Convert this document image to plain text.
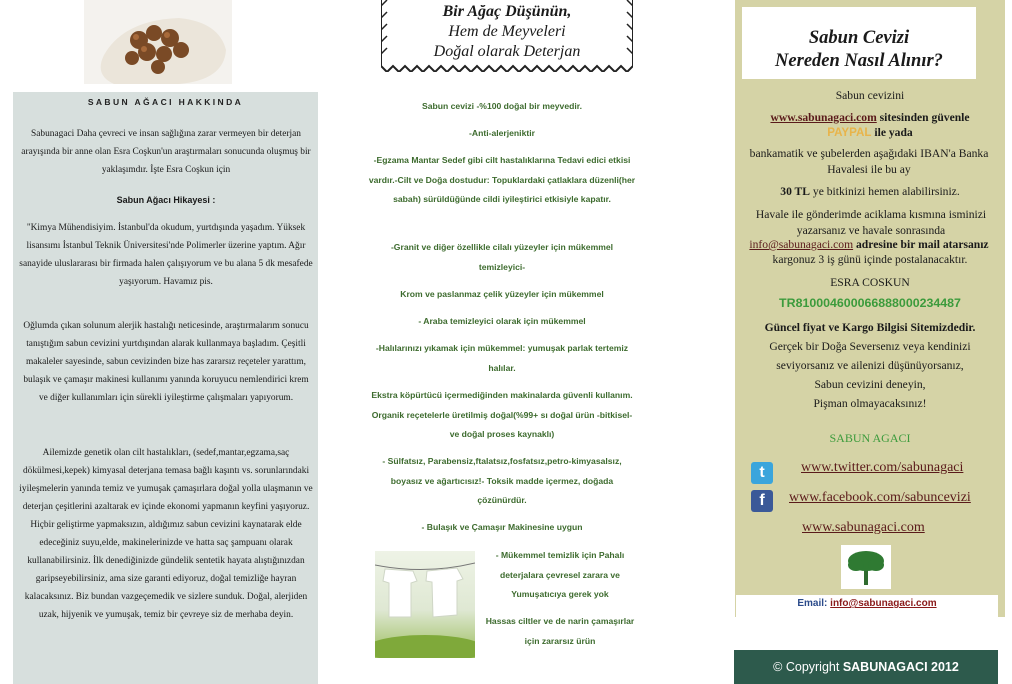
SABUN AĞACI HAKKINDA

Sabunagaci Daha çevreci ve insan sağlığına zarar vermeyen bir deterjan arayışında bir anne olan Esra Coşkun'un araştırmaları sonucunda oluşmuş bir yaklaşımdır. İşte Esra Coşkun için

Sabun Ağacı Hikayesi :

"Kimya Mühendisiyim. İstanbul'da okudum, yurtdışında yaşadım. Yüksek lisansımı İstanbul Teknik Üniversitesi'nde Polimerler üzerine yaptım. Ağır sanayide uluslararası bir firmada halen çalışıyorum ve bu alana 5 dk mesafede yaşıyorum. Havamız pis.

Oğlumda çıkan solunum alerjik hastalığı neticesinde, araştırmalarım sonucu tanıştığım sabun cevizini yurtdışından alarak kullanmaya başladım. Çeşitli makaleler sayesinde, sabun cevizinden bize has zararsız reçeteler yarattım, bulaşık ve çamaşır makinesi kullanımı yanında koruyucu nemlendirici krem ve diğer kullanımları için sürekli iyileştirme çalışmaları yapıyorum.

Ailemizde genetik olan cilt hastalıkları, (sedef,mantar,egzama,saç dökülmesi,kepek) kimyasal deterjana temasa bağlı kaşıntı vs. sorunlarındaki iyileşmelerin yanında temiz ve yumuşak çamaşırlara doğal yolla ulaşmanın ve deterjan çeşitlerini azaltarak ev içinde ekonomi yapmanın keyfini yaşıyoruz. Hiçbir geliştirme yapmaksızın, aldığımız sabun cevizini kaynatarak elde edeceğiniz suyu,elde, makinelerinizde ve hatta saç şampuanı olarak kullanabilirsiniz. İlk denediğinizde gündelik sentetik hayata alıştığınızdan garipseyebilirsiniz, ama size garanti ediyoruz, doğal temizliğe hayran kalacaksınız. Biz bundan vazgeçemedik ve sizlere sunduk. Doğal, alerjiden uzak, hijyenik ve yumuşak, temiz bir çevreye siz de merhaba deyin.

Bir Ağaç Düşünün,
Hem de Meyveleri
Doğal olarak Deterjan

Sabun cevizi -%100 doğal bir meyvedir.

-Anti-alerjeniktir

-Egzama Mantar Sedef gibi cilt hastalıklarına Tedavi edici etkisi vardır.-Cilt ve Doğa dostudur: Topuklardaki çatlaklara düzenli(her sabah) sürüldüğünde cildi iyileştirici etkisiyle kapatır.

-Granit ve diğer özellikle cilalı yüzeyler için mükemmel temizleyici-

Krom ve paslanmaz çelik yüzeyler için mükemmel

- Araba temizleyici olarak için mükemmel

-Halılarınızı yıkamak için mükemmel: yumuşak parlak tertemiz halılar.

Ekstra köpürtücü içermediğinden makinalarda güvenli kullanım. Organik reçetelerle üretilmiş doğal(%99+ sı doğal ürün -bitkisel- ve doğal proses kaynaklı)

- Sülfatsız, Parabensiz,ftalatsız,fosfatsız,petro-kimyasalsız, boyasız ve ağartıcısız!- Toksik madde içermez, doğada çözünürdür.

- Bulaşık ve Çamaşır Makinesine uygun

- Mükemmel temizlik için Pahalı deterjalara çevresel zarara ve Yumuşatıcıya gerek yok

Hassas ciltler ve de narin çamaşırlar için zararsız ürün

Sabun Cevizi
Nereden Nasıl Alınır?

Sabun cevizini

www.sabunagaci.com sitesinden güvenle

PAYPAL ile yada

bankamatik ve şubelerden aşağıdaki IBAN'a Banka Havalesi ile bu ay

30 TL ye bitkinizi hemen alabilirsiniz.

Havale ile gönderimde aciklama kısmına isminizi yazarsanız ve havale sonrasında

info@sabunagaci.com adresine bir mail atarsanız

kargonuz 3 iş günü içinde postalanacaktır.

ESRA COSKUN

TR810004600066888000234487

Güncel fiyat ve Kargo Bilgisi Sitemizdedir.

Gerçek bir Doğa Seversenız veya kendinizi

seviyorsanız ve ailenizi düşünüyorsanız,

Sabun cevizini deneyin,

Pişman olmayacaksınız!

SABUN AGACI

t	www.twitter.com/sabunagaci
f	www.facebook.com/sabuncevizi
www.sabunagaci.com
Email: info@sabunagaci.com
© Copyright SABUNAGACI 2012
